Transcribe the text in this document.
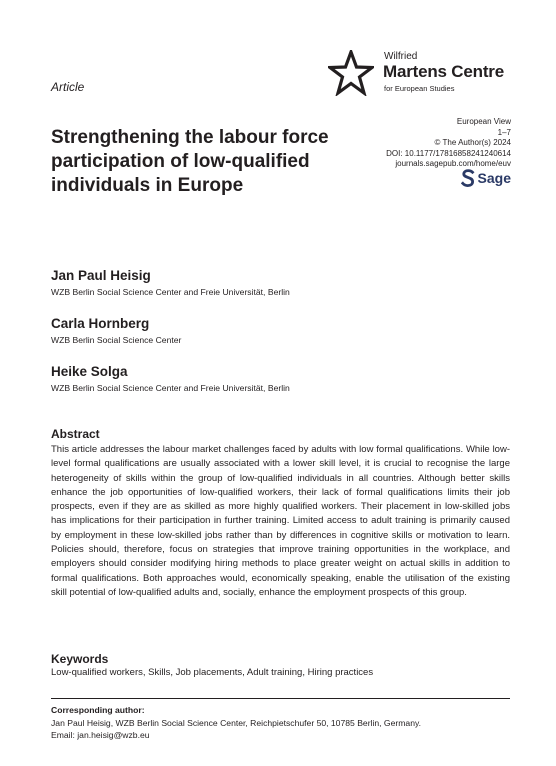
Wilfried
Martens Centre
for European Studies
Article
Strengthening the labour force participation of low-qualified individuals in Europe
European View
1–7
© The Author(s) 2024
DOI: 10.1177/17816858241240614
journals.sagepub.com/home/euv
Sage
Jan Paul Heisig
WZB Berlin Social Science Center and Freie Universität, Berlin
Carla Hornberg
WZB Berlin Social Science Center
Heike Solga
WZB Berlin Social Science Center and Freie Universität, Berlin
Abstract

This article addresses the labour market challenges faced by adults with low formal qualifications. While low-level formal qualifications are usually associated with a lower skill level, it is crucial to recognise the large heterogeneity of skills within the group of low-qualified individuals in all countries. Although better skills enhance the job opportunities of low-qualified workers, their lack of formal qualifications limits their job prospects, even if they are as skilled as more highly qualified workers. Their placement in low-skilled jobs has implications for their participation in further training. Limited access to adult training is primarily caused by employment in these low-skilled jobs rather than by differences in cognitive skills or motivation to learn. Policies should, therefore, focus on strategies that improve training opportunities in the workplace, and employers should consider modifying hiring methods to place greater weight on actual skills in addition to formal qualifications. Both approaches would, economically speaking, enable the utilisation of the existing skill potential of low-qualified adults and, socially, enhance the employment prospects of this group.

Keywords
Low-qualified workers, Skills, Job placements, Adult training, Hiring practices
Corresponding author:
Jan Paul Heisig, WZB Berlin Social Science Center, Reichpietschufer 50, 10785 Berlin, Germany.
Email: jan.heisig@wzb.eu
